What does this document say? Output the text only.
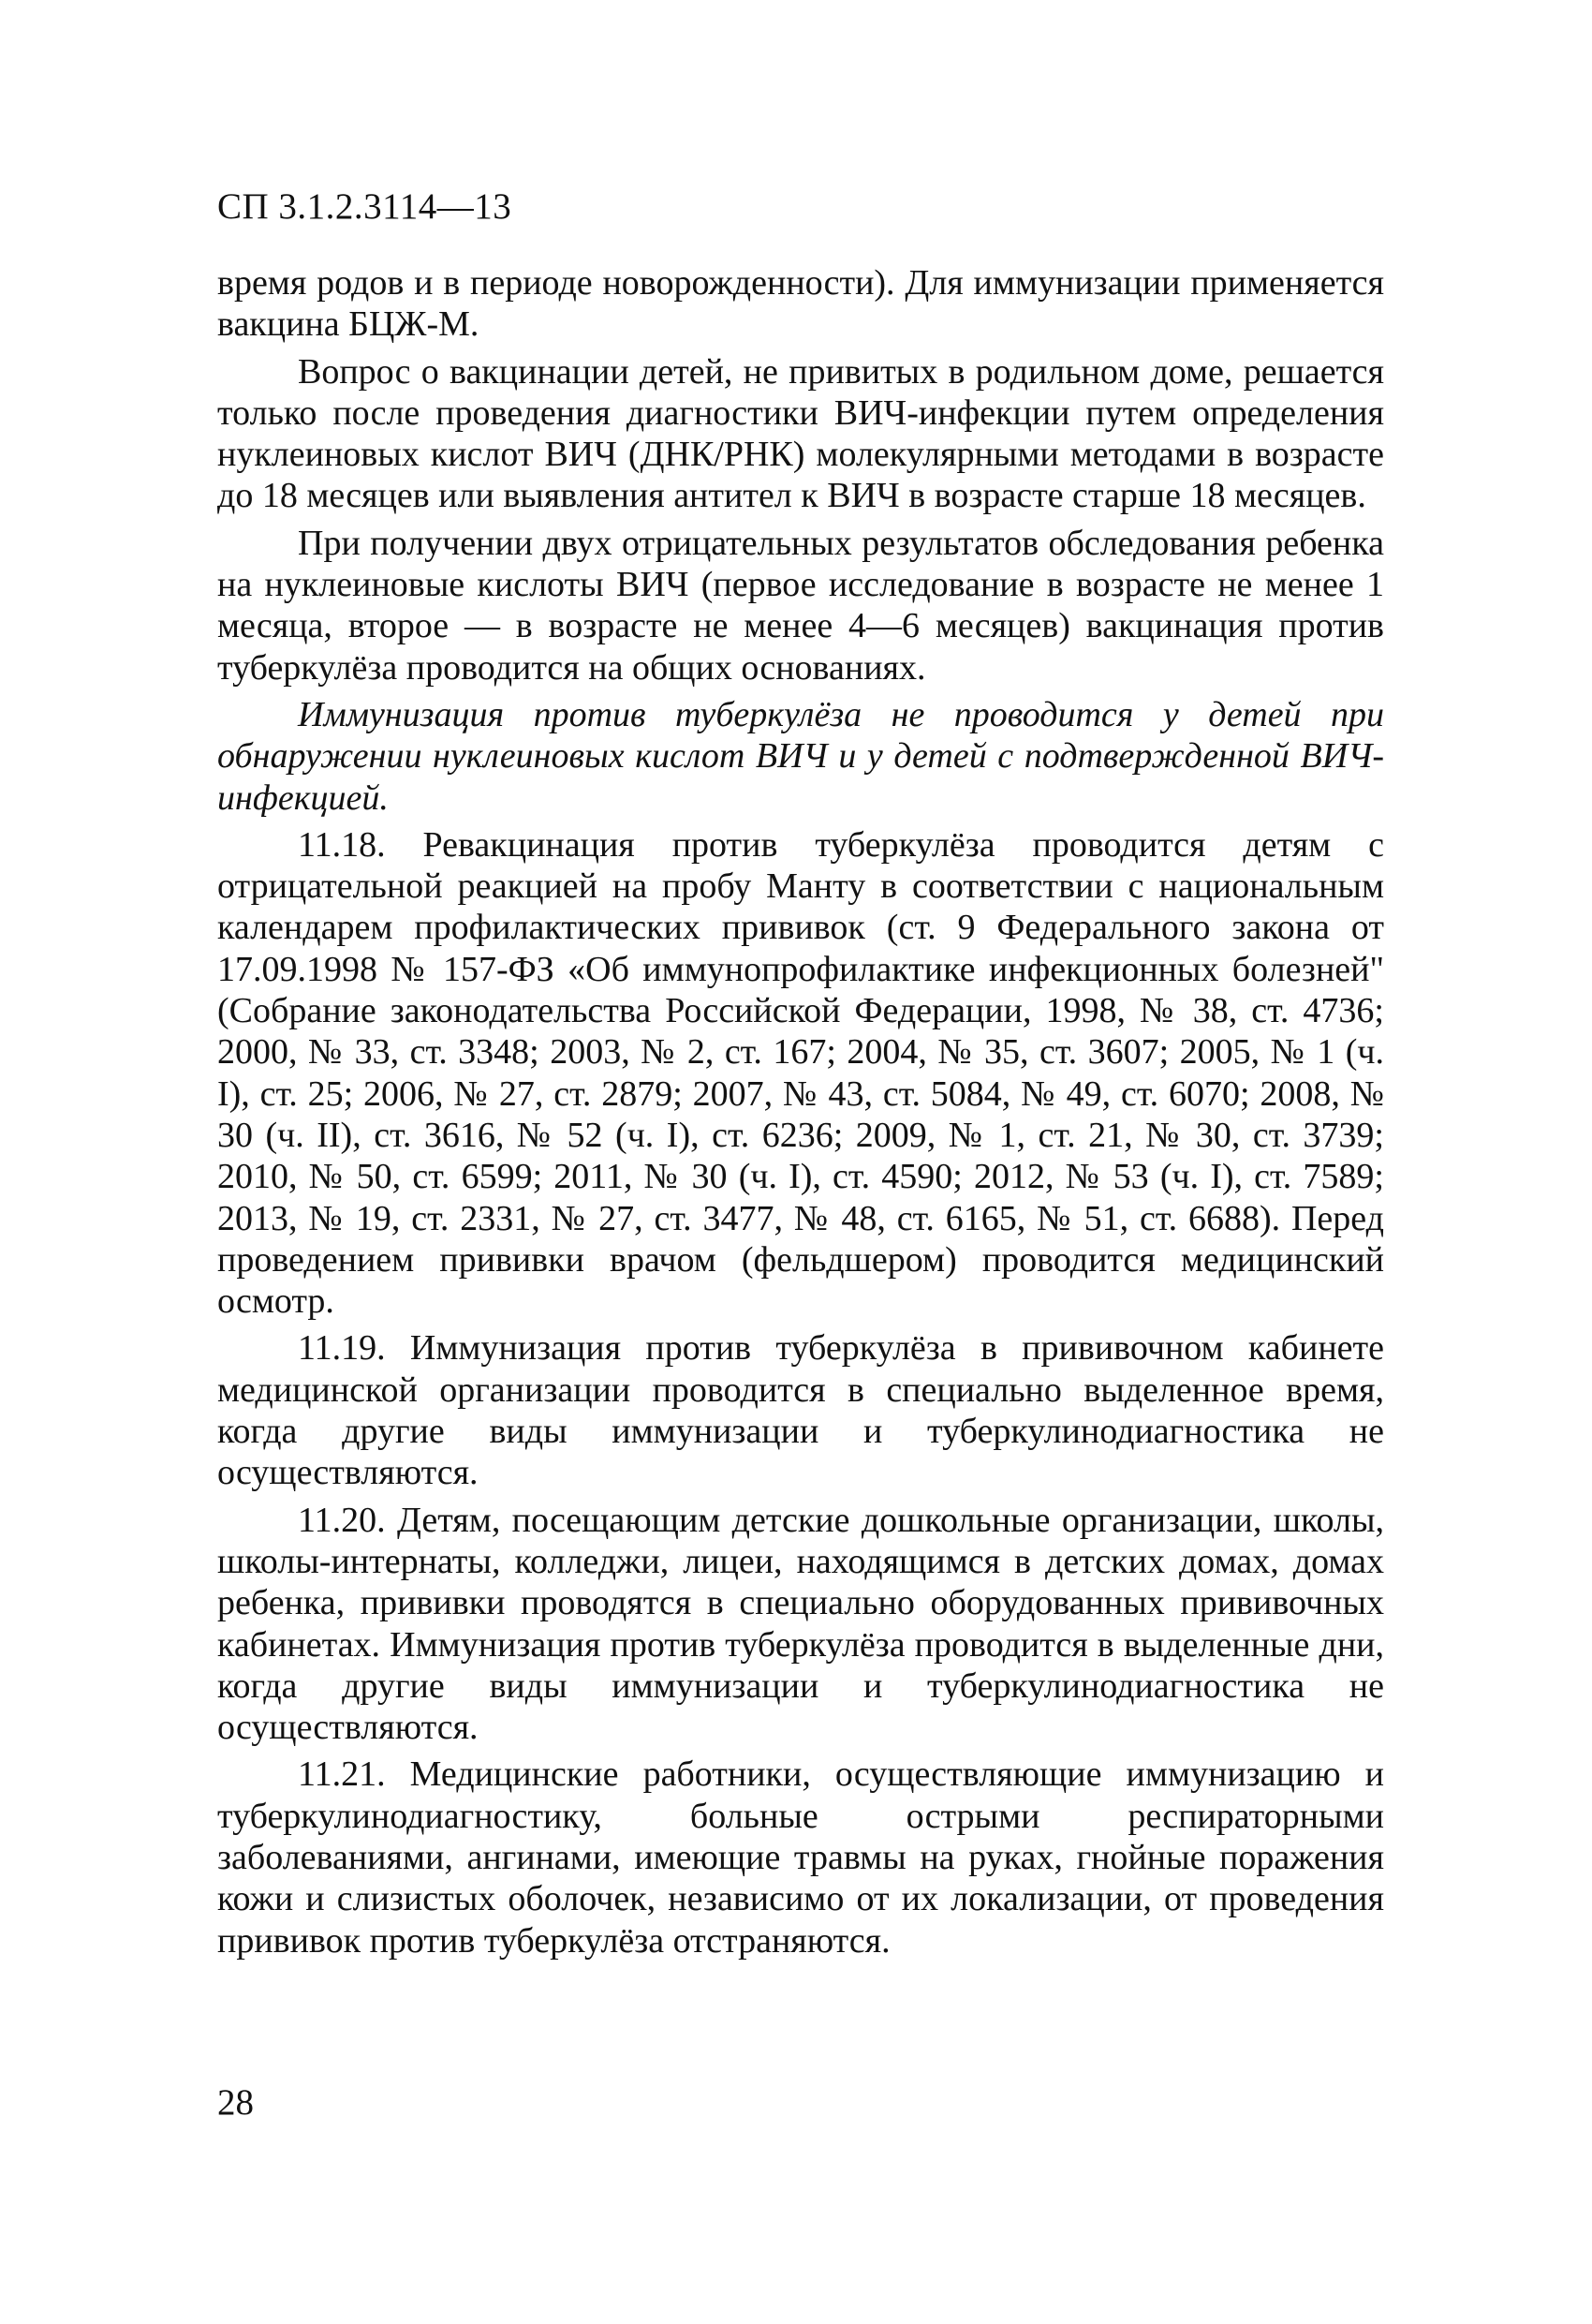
СП 3.1.2.3114—13

время родов и в периоде новорожденности). Для иммунизации применяется вакцина БЦЖ-М.

Вопрос о вакцинации детей, не привитых в родильном доме, решается только после проведения диагностики ВИЧ-инфекции путем определения нуклеиновых кислот ВИЧ (ДНК/РНК) молекулярными методами в возрасте до 18 месяцев или выявления антител к ВИЧ в возрасте старше 18 месяцев.

При получении двух отрицательных результатов обследования ребенка на нуклеиновые кислоты ВИЧ (первое исследование в возрасте не менее 1 месяца, второе — в возрасте не менее 4—6 месяцев) вакцинация против туберкулёза проводится на общих основаниях.

Иммунизация против туберкулёза не проводится у детей при обнаружении нуклеиновых кислот ВИЧ и у детей с подтвержденной ВИЧ-инфекцией.

11.18. Ревакцинация против туберкулёза проводится детям с отрицательной реакцией на пробу Манту в соответствии с национальным календарем профилактических прививок (ст. 9 Федерального закона от 17.09.1998 № 157-ФЗ «Об иммунопрофилактике инфекционных болезней" (Собрание законодательства Российской Федерации, 1998, № 38, ст. 4736; 2000, № 33, ст. 3348; 2003, № 2, ст. 167; 2004, № 35, ст. 3607; 2005, № 1 (ч. I), ст. 25; 2006, № 27, ст. 2879; 2007, № 43, ст. 5084, № 49, ст. 6070; 2008, № 30 (ч. II), ст. 3616, № 52 (ч. I), ст. 6236; 2009, № 1, ст. 21, № 30, ст. 3739; 2010, № 50, ст. 6599; 2011, № 30 (ч. I), ст. 4590; 2012, № 53 (ч. I), ст. 7589; 2013, № 19, ст. 2331, № 27, ст. 3477, № 48, ст. 6165, № 51, ст. 6688). Перед проведением прививки врачом (фельдшером) проводится медицинский осмотр.

11.19. Иммунизация против туберкулёза в прививочном кабинете медицинской организации проводится в специально выделенное время, когда другие виды иммунизации и туберкулинодиагностика не осуществляются.

11.20. Детям, посещающим детские дошкольные организации, школы, школы-интернаты, колледжи, лицеи, находящимся в детских домах, домах ребенка, прививки проводятся в специально оборудованных прививочных кабинетах. Иммунизация против туберкулёза проводится в выделенные дни, когда другие виды иммунизации и туберкулинодиагностика не осуществляются.

11.21. Медицинские работники, осуществляющие иммунизацию и туберкулинодиагностику, больные острыми респираторными заболеваниями, ангинами, имеющие травмы на руках, гнойные поражения кожи и слизистых оболочек, независимо от их локализации, от проведения прививок против туберкулёза отстраняются.

28
